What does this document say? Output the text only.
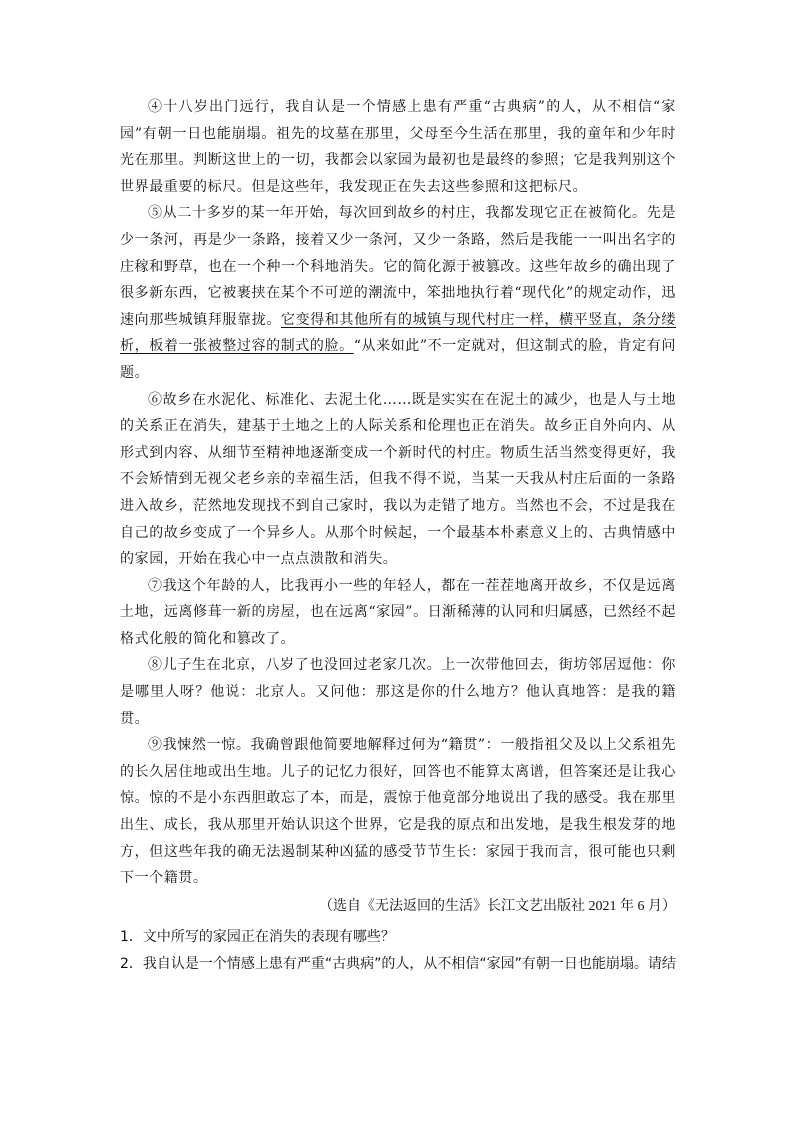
④十八岁出门远行，我自认是一个情感上患有严重“古典病”的人，从不相信“家园”有朝一日也能崩塌。祖先的坟墓在那里，父母至今生活在那里，我的童年和少年时光在那里。判断这世上的一切，我都会以家园为最初也是最终的参照；它是我判别这个世界最重要的标尺。但是这些年，我发现正在失去这些参照和这把标尺。

⑤从二十多岁的某一年开始，每次回到故乡的村庄，我都发现它正在被简化。先是少一条河，再是少一条路，接着又少一条河，又少一条路，然后是我能一一叫出名字的庄稼和野草，也在一个种一个科地消失。它的简化源于被篡改。这些年故乡的确出现了很多新东西，它被裹挟在某个不可逆的潮流中，笨拙地执行着“现代化”的规定动作，迅速向那些城镇拜服靠拢。它变得和其他所有的城镇与现代村庄一样，横平竖直，条分缕析，板着一张被整过容的制式的脸。“从来如此”不一定就对，但这制式的脸，肯定有问题。

⑥故乡在水泥化、标准化、去泥土化……既是实实在在泥土的减少，也是人与土地的关系正在消失，建基于土地之上的人际关系和伦理也正在消失。故乡正自外向内、从形式到内容、从细节至精神地逐渐变成一个新时代的村庄。物质生活当然变得更好，我不会矫情到无视父老乡亲的幸福生活，但我不得不说，当某一天我从村庄后面的一条路进入故乡，茫然地发现找不到自己家时，我以为走错了地方。当然也不会，不过是我在自己的故乡变成了一个异乡人。从那个时候起，一个最基本朴素意义上的、古典情感中的家园，开始在我心中一点点溃散和消失。

⑦我这个年龄的人，比我再小一些的年轻人，都在一茬茬地离开故乡，不仅是远离土地，远离修葺一新的房屋，也在远离“家园”。日渐稀薄的认同和归属感，已然经不起格式化般的简化和篡改了。

⑧儿子生在北京，八岁了也没回过老家几次。上一次带他回去，街坊邻居逗他：你是哪里人呀？他说：北京人。又问他：那这是你的什么地方？他认真地答：是我的籍贯。

⑨我悚然一惊。我确曾跟他简要地解释过何为“籍贯”：一般指祖父及以上父系祖先的长久居住地或出生地。儿子的记忆力很好，回答也不能算太离谱，但答案还是让我心惊。惊的不是小东西胆敢忘了本，而是，震惊于他竟部分地说出了我的感受。我在那里出生、成长，我从那里开始认识这个世界，它是我的原点和出发地，是我生根发芽的地方，但这些年我的确无法遏制某种凶猛的感受节节生长：家园于我而言，很可能也只剩下一个籍贯。

（选自《无法返回的生活》长江文艺出版社 2021 年 6 月）

1．文中所写的家园正在消失的表现有哪些？

2．我自认是一个情感上患有严重“古典病”的人，从不相信“家园”有朝一日也能崩塌。请结
